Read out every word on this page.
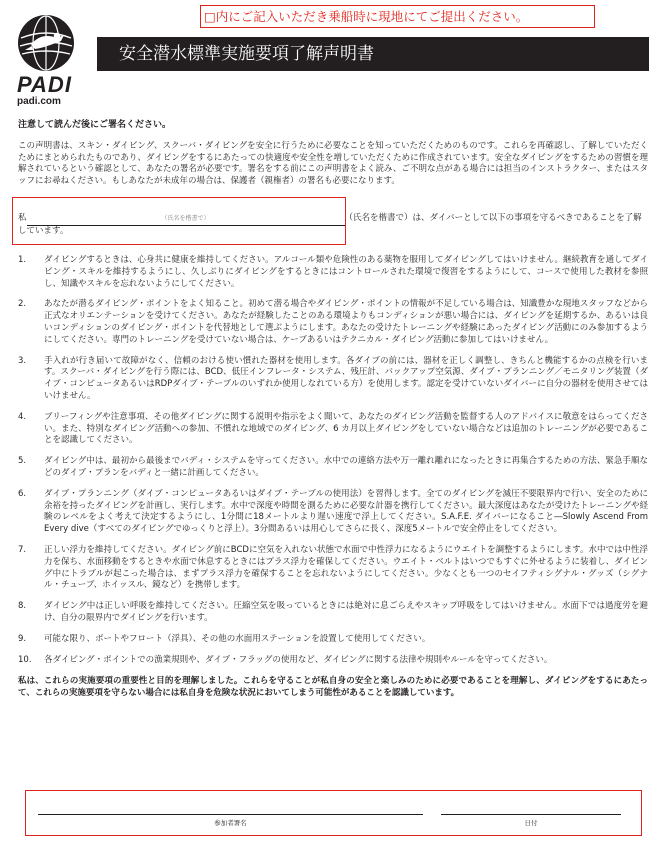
□内にご記入いただき乗船時に現地にてご提出ください。
PADI
padi.com
安全潜水標準実施要項了解声明書

注意して読んだ後にご署名ください。

この声明書は、スキン・ダイビング、スクーバ・ダイビングを安全に行うために必要なことを知っていただくためのものです。これらを再確認し、了解していただくためにまとめられたものであり、ダイビングをするにあたっての快適度や安全性を増していただくために作成されています。安全なダイビングをするための習慣を理解されているという確認として、あなたの署名が必要です。署名をする前にこの声明書をよく読み、ご不明な点がある場合には担当のインストラクター、またはスタッフにお尋ねください。もしあなたが未成年の場合は、保護者（親権者）の署名も必要になります。

私	（氏名を楷書で）	（氏名を楷書で）は、ダイバーとして以下の事項を守るべきであることを了解しています。
1.	ダイビングするときは、心身共に健康を維持してください。アルコール類や危険性のある薬物を服用してダイビングしてはいけません。継続教育を通してダイビング・スキルを維持するようにし、久しぶりにダイビングをするときにはコントロールされた環境で復習をするようにして、コースで使用した教材を参照し、知識やスキルを忘れないようにしてください。
2.	あなたが潜るダイビング・ポイントをよく知ること。初めて潜る場合やダイビング・ポイントの情報が不足している場合は、知識豊かな現地スタッフなどから正式なオリエンテーションを受けてください。あなたが経験したことのある環境よりもコンディションが悪い場合には、ダイビングを延期するか、あるいは良いコンディションのダイビング・ポイントを代替地として選ぶようにします。あなたの受けたトレーニングや経験にあったダイビング活動にのみ参加するようにしてください。専門のトレーニングを受けていない場合は、ケーブあるいはテクニカル・ダイビング活動に参加してはいけません。
3.	手入れが行き届いて故障がなく、信頼のおける使い慣れた器材を使用します。各ダイブの前には、器材を正しく調整し、きちんと機能するかの点検を行います。スクーバ・ダイビングを行う際には、BCD、低圧インフレータ・システム、残圧計、バックアップ空気源、ダイブ・プランニング／モニタリング装置（ダイブ・コンピュータあるいはRDPダイブ・テーブルのいずれか使用しなれている方）を使用します。認定を受けていないダイバーに自分の器材を使用させてはいけません。
4.	ブリーフィングや注意事項、その他ダイビングに関する説明や指示をよく聞いて、あなたのダイビング活動を監督する人のアドバイスに敬意をはらってください。また、特別なダイビング活動への参加、不慣れな地域でのダイビング、6 カ月以上ダイビングをしていない場合などは追加のトレーニングが必要であることを認識してください。
5.	ダイビング中は、最初から最後までバディ・システムを守ってください。水中での連絡方法や万一離れ離れになったときに再集合するための方法、緊急手順などのダイブ・プランをバディと一緒に計画してください。
6.	ダイブ・プランニング（ダイブ・コンピュータあるいはダイブ・テーブルの使用法）を習得します。全てのダイビングを減圧不要限界内で行い、安全のために余裕を持ったダイビングを計画し、実行します。水中で深度や時間を測るために必要な計器を携行してください。最大深度はあなたが受けたトレーニングや経験のレベルをよく考えて決定するようにし、1分間に18メートルより遅い速度で浮上してください。S.A.F.E. ダイバーになること―Slowly Ascend From Every dive（すべてのダイビングでゆっくりと浮上）。3分間あるいは用心してさらに長く、深度5メートルで安全停止をしてください。
7.	正しい浮力を維持してください。ダイビング前にBCDに空気を入れない状態で水面で中性浮力になるようにウエイトを調整するようにします。水中では中性浮力を保ち、水面移動をするときや水面で休息するときにはプラス浮力を確保してください。ウエイト・ベルトはいつでもすぐに外せるように装着し、ダイビング中にトラブルが起こった場合は、まずプラス浮力を確保することを忘れないようにしてください。少なくとも一つのセイフティシグナル・グッズ（シグナル・チューブ、ホイッスル、鏡など）を携帯します。
8.	ダイビング中は正しい呼吸を維持してください。圧縮空気を吸っているときには絶対に息ごらえやスキップ呼吸をしてはいけません。水面下では過度労を避け、自分の限界内でダイビングを行います。
9.	可能な限り、ボートやフロート（浮具）、その他の水面用ステーションを設置して使用してください。
10.	各ダイビング・ポイントでの漁業規則や、ダイブ・フラッグの使用など、ダイビングに関する法律や規則やルールを守ってください。

私は、これらの実施要項の重要性と目的を理解しました。これらを守ることが私自身の安全と楽しみのために必要であることを理解し、ダイビングをするにあたって、これらの実施要項を守らない場合には私自身を危険な状況においてしまう可能性があることを認識しています。

参加者署名	日付
